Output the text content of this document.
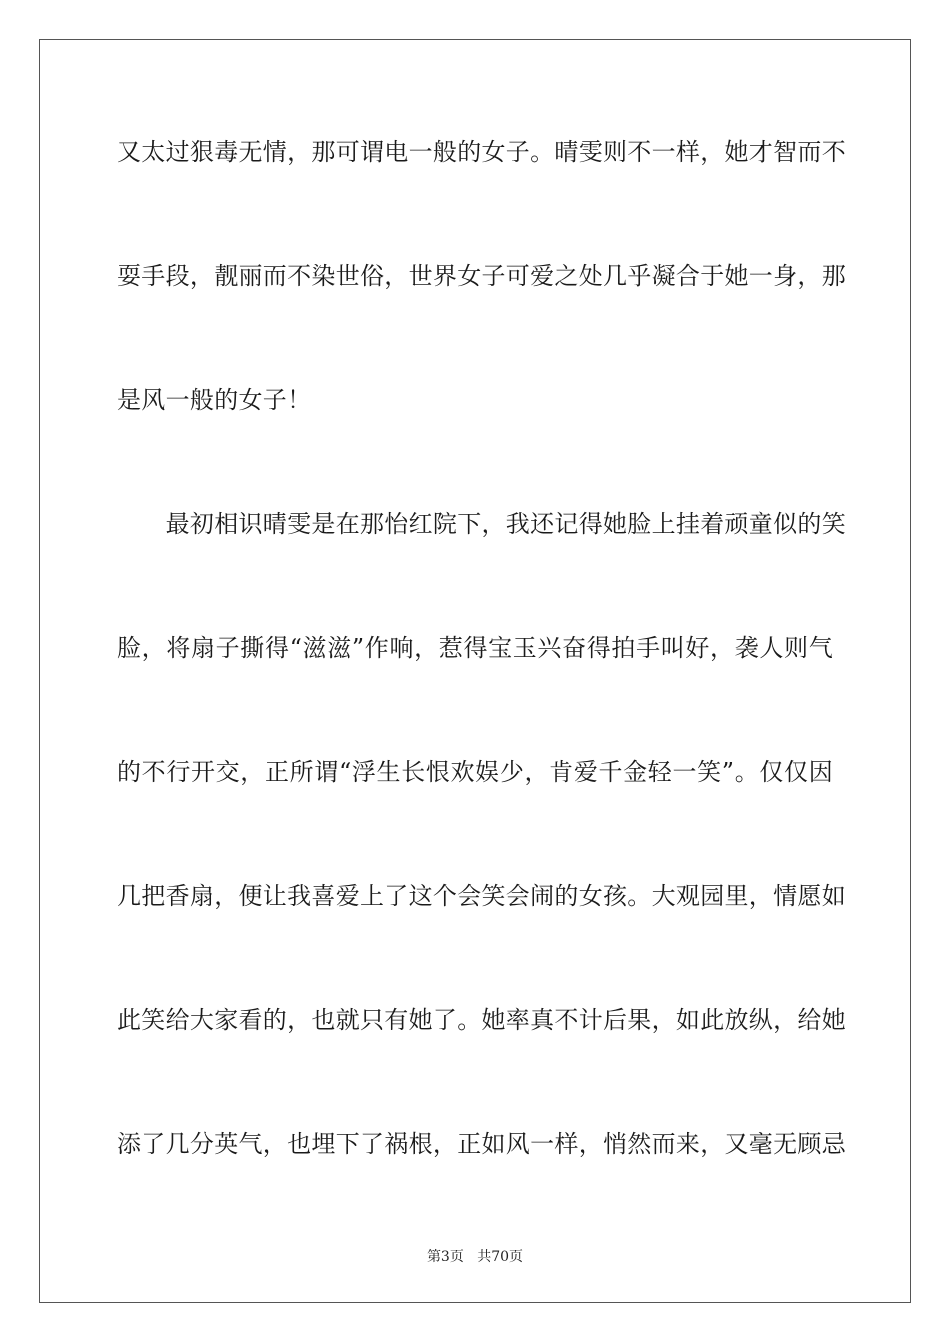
又太过狠毒无情，那可谓电一般的女子。晴雯则不一样，她才智而不
耍手段，靓丽而不染世俗，世界女子可爱之处几乎凝合于她一身，那
是风一般的女子！
　　最初相识晴雯是在那怡红院下，我还记得她脸上挂着顽童似的笑
脸，将扇子撕得“滋滋”作响，惹得宝玉兴奋得拍手叫好，袭人则气
的不行开交，正所谓“浮生长恨欢娱少，肯爱千金轻一笑”。仅仅因
几把香扇，便让我喜爱上了这个会笑会闹的女孩。大观园里，情愿如
此笑给大家看的，也就只有她了。她率真不计后果，如此放纵，给她
添了几分英气，也埋下了祸根，正如风一样，悄然而来，又毫无顾忌
第3页 共70页
